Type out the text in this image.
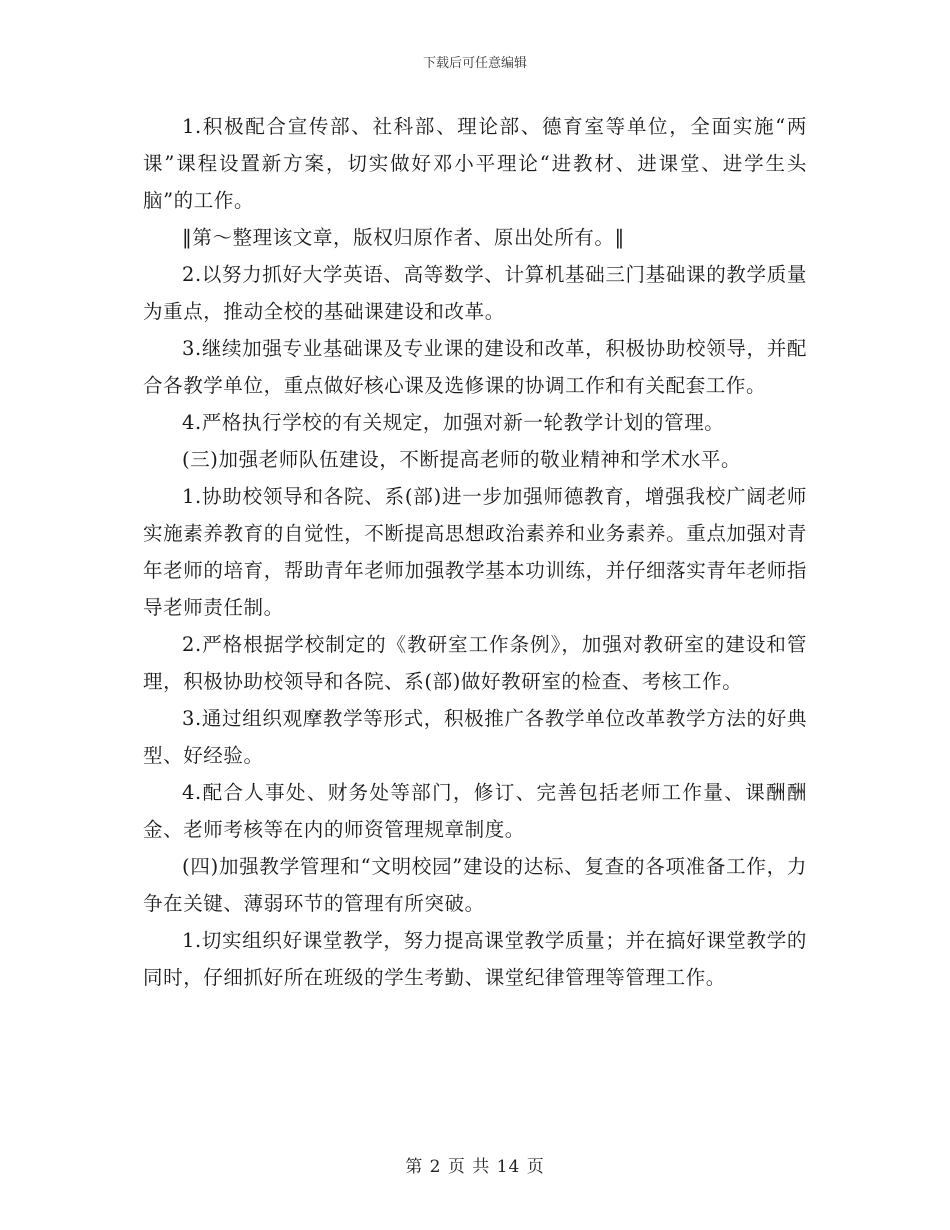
下载后可任意编辑

1.积极配合宣传部、社科部、理论部、德育室等单位，全面实施“两课”课程设置新方案，切实做好邓小平理论“进教材、进课堂、进学生头脑”的工作。

‖第～整理该文章，版权归原作者、原出处所有。‖

2.以努力抓好大学英语、高等数学、计算机基础三门基础课的教学质量为重点，推动全校的基础课建设和改革。

3.继续加强专业基础课及专业课的建设和改革，积极协助校领导，并配合各教学单位，重点做好核心课及选修课的协调工作和有关配套工作。

4.严格执行学校的有关规定，加强对新一轮教学计划的管理。

(三)加强老师队伍建设，不断提高老师的敬业精神和学术水平。

1.协助校领导和各院、系(部)进一步加强师德教育，增强我校广阔老师实施素养教育的自觉性，不断提高思想政治素养和业务素养。重点加强对青年老师的培育，帮助青年老师加强教学基本功训练，并仔细落实青年老师指导老师责任制。

2.严格根据学校制定的《教研室工作条例》，加强对教研室的建设和管理，积极协助校领导和各院、系(部)做好教研室的检查、考核工作。

3.通过组织观摩教学等形式，积极推广各教学单位改革教学方法的好典型、好经验。

4.配合人事处、财务处等部门，修订、完善包括老师工作量、课酬酬金、老师考核等在内的师资管理规章制度。

(四)加强教学管理和“文明校园”建设的达标、复查的各项准备工作，力争在关键、薄弱环节的管理有所突破。

1.切实组织好课堂教学，努力提高课堂教学质量；并在搞好课堂教学的同时，仔细抓好所在班级的学生考勤、课堂纪律管理等管理工作。

第 2 页 共 14 页
